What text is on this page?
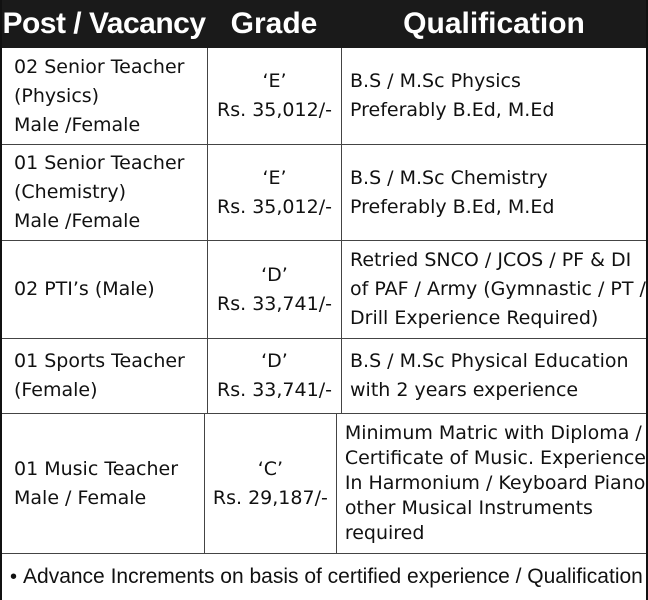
Post / Vacancy Grade	Qualification
02 Senior Teacher
(Physics)
Male /Female
‘E’
Rs. 35,012/-
B.S / M.Sc Physics
Preferably B.Ed, M.Ed
01 Senior Teacher
(Chemistry)
Male /Female
‘E’
Rs. 35,012/-
B.S / M.Sc Chemistry
Preferably B.Ed, M.Ed
02 PTI’s (Male)
‘D’
Rs. 33,741/-
Retried SNCO / JCOS / PF & DI
of PAF / Army (Gymnastic / PT /
Drill Experience Required)
01 Sports Teacher
(Female)
‘D’
Rs. 33,741/-
B.S / M.Sc Physical Education
with 2 years experience
01 Music Teacher
Male / Female
‘C’
Rs. 29,187/-
Minimum Matric with Diploma /
Certificate of Music. Experience
In Harmonium / Keyboard Piano
other Musical Instruments
required
• Advance Increments on basis of certified experience / Qualification
